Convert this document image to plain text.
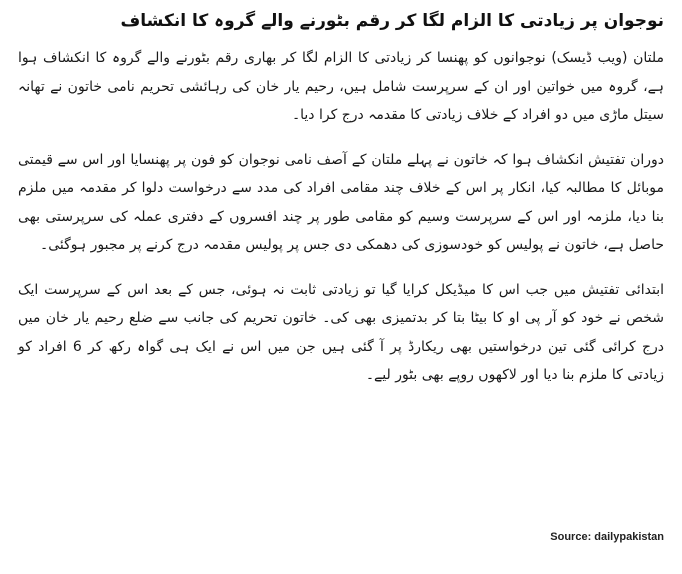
نوجوان پر زیادتی کا الزام لگا کر رقم بٹورنے والے گروہ کا انکشاف

ملتان (ویب ڈیسک) نوجوانوں کو پھنسا کر زیادتی کا الزام لگا کر بھاری رقم بٹورنے والے گروہ کا انکشاف ہوا ہے، گروہ میں خواتین اور ان کے سرپرست شامل ہیں، رحیم یار خان کی رہائشی تحریم نامی خاتون نے تھانہ سیتل ماڑی میں دو افراد کے خلاف زیادتی کا مقدمہ درج کرا دیا۔

دوران تفتیش انکشاف ہوا کہ خاتون نے پہلے ملتان کے آصف نامی نوجوان کو فون پر پھنسایا اور اس سے قیمتی موبائل کا مطالبہ کیا، انکار پر اس کے خلاف چند مقامی افراد کی مدد سے درخواست دلوا کر مقدمہ میں ملزم بنا دیا، ملزمہ اور اس کے سرپرست وسیم کو مقامی طور پر چند افسروں کے دفتری عملہ کی سرپرستی بھی حاصل ہے، خاتون نے پولیس کو خودسوزی کی دھمکی دی جس پر پولیس مقدمہ درج کرنے پر مجبور ہوگئی۔

ابتدائی تفتیش میں جب اس کا میڈیکل کرایا گیا تو زیادتی ثابت نہ ہوئی، جس کے بعد اس کے سرپرست ایک شخص نے خود کو آر پی او کا بیٹا بتا کر بدتمیزی بھی کی۔ خاتون تحریم کی جانب سے ضلع رحیم یار خان میں درج کرائی گئی تین درخواستیں بھی ریکارڈ پر آ گئی ہیں جن میں اس نے ایک ہی گواہ رکھ کر 6 افراد کو زیادتی کا ملزم بنا دیا اور لاکھوں روپے بھی بٹور لیے۔

Source: dailypakistan
